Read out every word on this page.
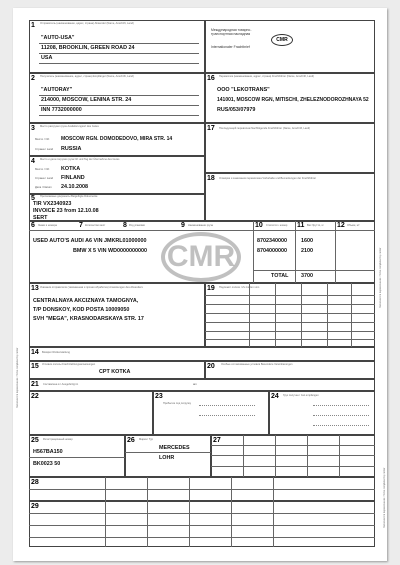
Заполняется перевозчиком / To be completed by carrier
Заполняется перевозчиком / To be completed by carrier
Заполняется перевозчиком / To be completed by carrier
1 Отправитель (наименование, адрес, страна) Absender (Name, Anschrift, Land)
"AUTO-USA"
11208, BROOKLIN, GREEN ROAD 24
USA
Международная товарно-транспортная накладная
Internationaler Frachtbrief
CMR
2 Получатель (наименование, адрес, страна) Empfänger (Name, Anschrift, Land)
"AUTORAY"
214000, MOSCOW, LENINA STR. 24
INN 7732000000
16 Перевозчик (наименование, адрес, страна) Frachtführer (Name, Anschrift, Land)
OOO "LEKOTRANS"
141001, MOSCOW RGN, MITISCHI, ZHELEZNODOROZHNAYA 52
RUS/053/07979
3 Место разгрузки груза Auslieferungsort des Gutes
Место / Ort MOSCOW RGN. DOMODEDOVO, MIRA STR. 14
Страна / Land RUSSIA
17 Последующий перевозчик Nachfolgende Frachtführer (Name, Anschrift, Land)
4 Место и дата погрузки груза Ort und Tag der Übernahme des Gutes
Место / Ort KOTKA
Страна / Land FINLAND
Дата / Datum 24.10.2008
18 Оговорки и замечания перевозчика Vorbehalte und Bemerkungen der Frachtführer
5 Прилагаемые документы Beigefügte Dokumente
TIR VX2340923
INVOICE 23 from 12.10.08
SERT
6 Знаки и номера	7 Количество мест	8 Род упаковки	9 Наименование груза	10 Статистич. номер 11 Вес брутто, кг 12 Объем, м³
CMR
USED AUTO'S AUDI A6 VIN JMKRL01000000	8702340000	1600
BMW X 5 VIN WD0000000000	8704000000	2100
TOTAL 3700
13 Указания отправителя (таможенная и прочая обработка) Anweisungen des Absenders
CENTRALNAYA AKCIZNAYA TAMOGNYA,
T/P DONSKOY, KOD POSTA 10009050
SVH "MEGA", KRASNODARSKAYA STR. 17
19 Подлежит оплате / Zu zahlen vom
14 Возврат Rückerstattung
15 Условия оплаты Frachtzahlungsanweisungen
CPT KOTKA
20 Особые согласованные условия Besondere Vereinbarungen
21 Составлена в / Ausgefertigt in	am
22	23
Прибытие под погрузку
24 Груз получен / Gut empfangen
25 Регистрационный номер
H567BA150
BK0023 50
26 Марка / Typ
MERCEDES
LOHR
27
28
29
